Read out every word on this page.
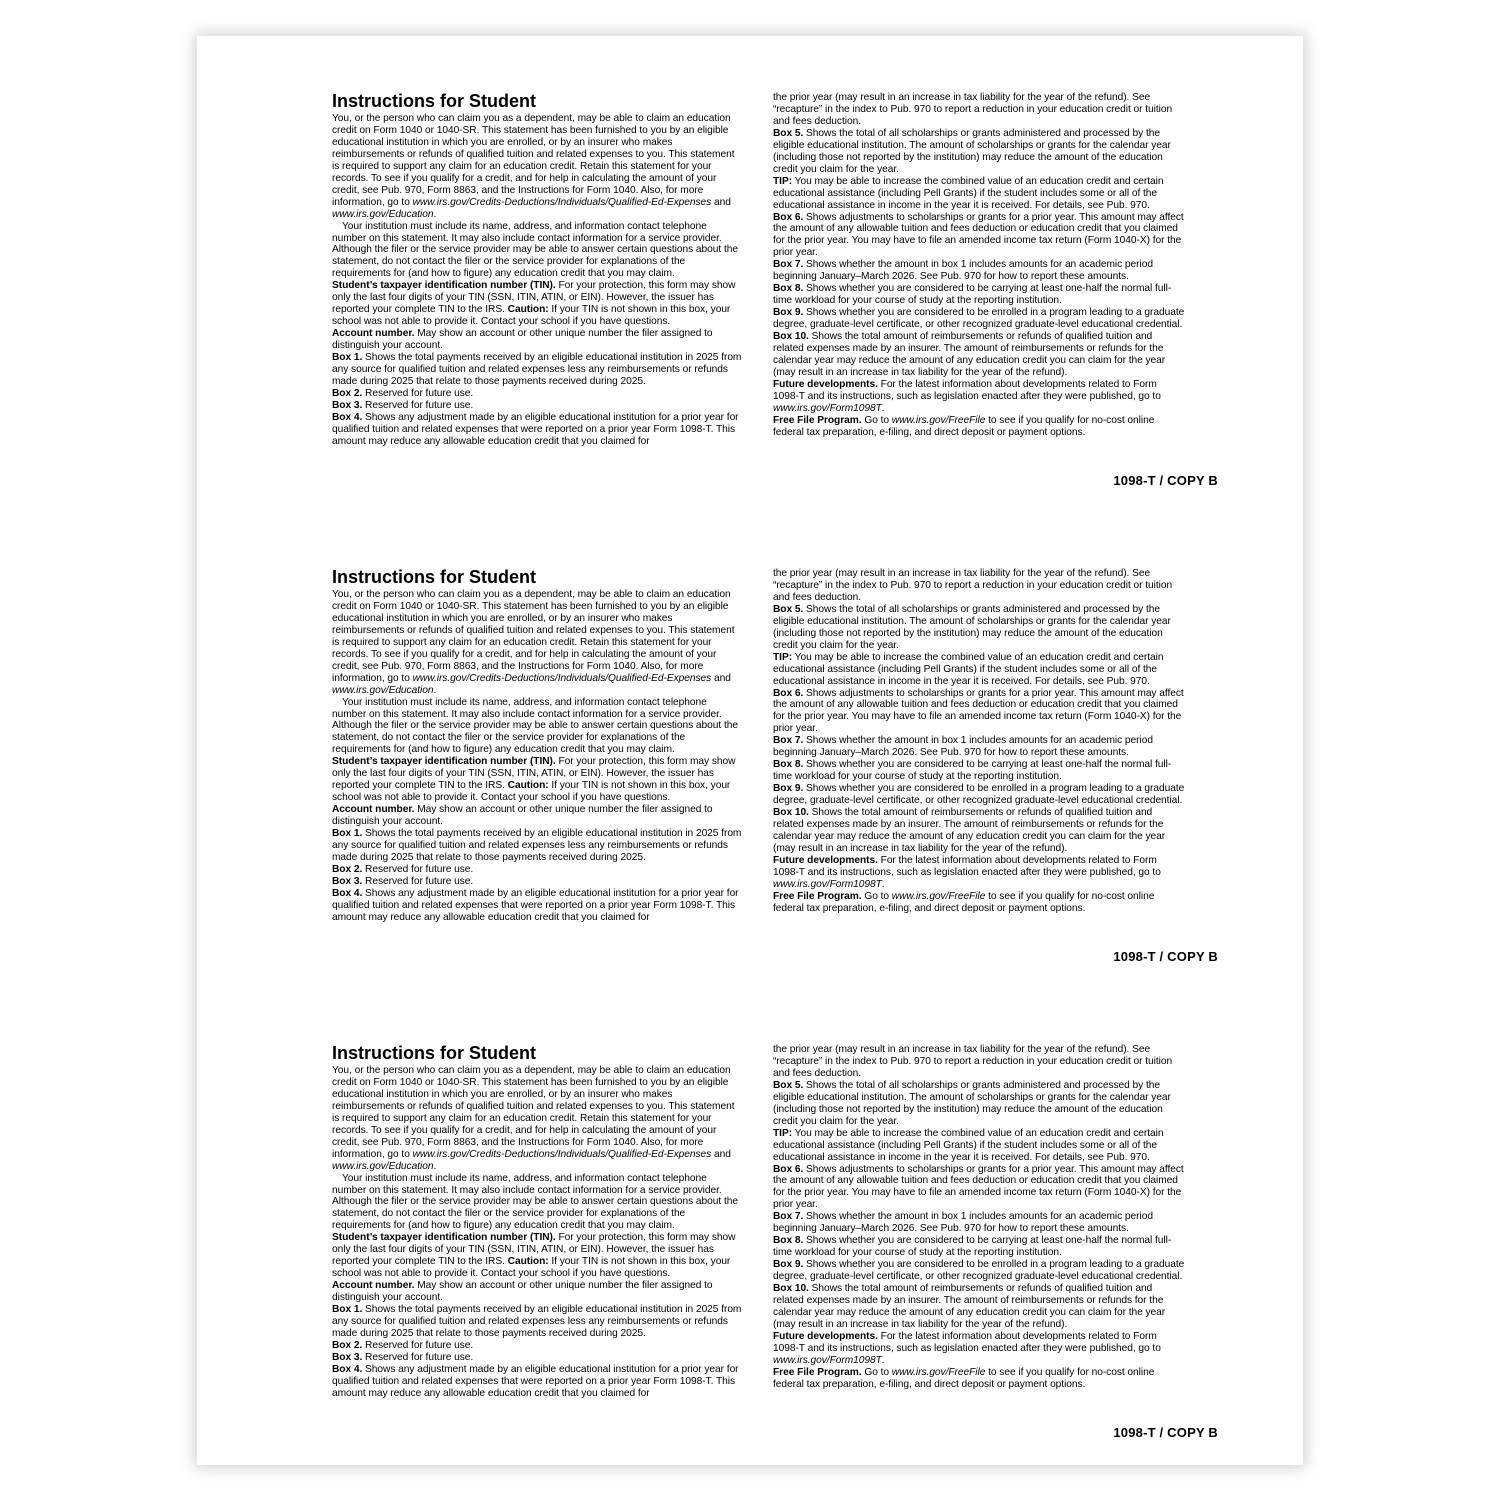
Instructions for Student

You, or the person who can claim you as a dependent, may be able to claim an education credit on Form 1040 or 1040-SR. This statement has been furnished to you by an eligible educational institution in which you are enrolled, or by an insurer who makes reimbursements or refunds of qualified tuition and related expenses to you. This statement is required to support any claim for an education credit. Retain this statement for your records. To see if you qualify for a credit, and for help in calculating the amount of your credit, see Pub. 970, Form 8863, and the Instructions for Form 1040. Also, for more information, go to www.irs.gov/Credits-Deductions/Individuals/Qualified-Ed-Expenses and www.irs.gov/Education.

Your institution must include its name, address, and information contact telephone number on this statement. It may also include contact information for a service provider. Although the filer or the service provider may be able to answer certain questions about the statement, do not contact the filer or the service provider for explanations of the requirements for (and how to figure) any education credit that you may claim.

Student’s taxpayer identification number (TIN). For your protection, this form may show only the last four digits of your TIN (SSN, ITIN, ATIN, or EIN). However, the issuer has reported your complete TIN to the IRS. Caution: If your TIN is not shown in this box, your school was not able to provide it. Contact your school if you have questions.

Account number. May show an account or other unique number the filer assigned to distinguish your account.

Box 1. Shows the total payments received by an eligible educational institution in 2025 from any source for qualified tuition and related expenses less any reimbursements or refunds made during 2025 that relate to those payments received during 2025.

Box 2. Reserved for future use.

Box 3. Reserved for future use.

Box 4. Shows any adjustment made by an eligible educational institution for a prior year for qualified tuition and related expenses that were reported on a prior year Form 1098-T. This amount may reduce any allowable education credit that you claimed for

the prior year (may result in an increase in tax liability for the year of the refund). See “recapture” in the index to Pub. 970 to report a reduction in your education credit or tuition and fees deduction.

Box 5. Shows the total of all scholarships or grants administered and processed by the eligible educational institution. The amount of scholarships or grants for the calendar year (including those not reported by the institution) may reduce the amount of the education credit you claim for the year.

TIP: You may be able to increase the combined value of an education credit and certain educational assistance (including Pell Grants) if the student includes some or all of the educational assistance in income in the year it is received. For details, see Pub. 970.

Box 6. Shows adjustments to scholarships or grants for a prior year. This amount may affect the amount of any allowable tuition and fees deduction or education credit that you claimed for the prior year. You may have to file an amended income tax return (Form 1040-X) for the prior year.

Box 7. Shows whether the amount in box 1 includes amounts for an academic period beginning January–March 2026. See Pub. 970 for how to report these amounts.

Box 8. Shows whether you are considered to be carrying at least one-half the normal full-time workload for your course of study at the reporting institution.

Box 9. Shows whether you are considered to be enrolled in a program leading to a graduate degree, graduate-level certificate, or other recognized graduate-level educational credential.

Box 10. Shows the total amount of reimbursements or refunds of qualified tuition and related expenses made by an insurer. The amount of reimbursements or refunds for the calendar year may reduce the amount of any education credit you can claim for the year (may result in an increase in tax liability for the year of the refund).

Future developments. For the latest information about developments related to Form 1098-T and its instructions, such as legislation enacted after they were published, go to www.irs.gov/Form1098T.

Free File Program. Go to www.irs.gov/FreeFile to see if you qualify for no-cost online federal tax preparation, e-filing, and direct deposit or payment options.

1098-T / COPY B
Instructions for Student

You, or the person who can claim you as a dependent, may be able to claim an education credit on Form 1040 or 1040-SR. This statement has been furnished to you by an eligible educational institution in which you are enrolled, or by an insurer who makes reimbursements or refunds of qualified tuition and related expenses to you. This statement is required to support any claim for an education credit. Retain this statement for your records. To see if you qualify for a credit, and for help in calculating the amount of your credit, see Pub. 970, Form 8863, and the Instructions for Form 1040. Also, for more information, go to www.irs.gov/Credits-Deductions/Individuals/Qualified-Ed-Expenses and www.irs.gov/Education.

Your institution must include its name, address, and information contact telephone number on this statement. It may also include contact information for a service provider. Although the filer or the service provider may be able to answer certain questions about the statement, do not contact the filer or the service provider for explanations of the requirements for (and how to figure) any education credit that you may claim.

Student’s taxpayer identification number (TIN). For your protection, this form may show only the last four digits of your TIN (SSN, ITIN, ATIN, or EIN). However, the issuer has reported your complete TIN to the IRS. Caution: If your TIN is not shown in this box, your school was not able to provide it. Contact your school if you have questions.

Account number. May show an account or other unique number the filer assigned to distinguish your account.

Box 1. Shows the total payments received by an eligible educational institution in 2025 from any source for qualified tuition and related expenses less any reimbursements or refunds made during 2025 that relate to those payments received during 2025.

Box 2. Reserved for future use.

Box 3. Reserved for future use.

Box 4. Shows any adjustment made by an eligible educational institution for a prior year for qualified tuition and related expenses that were reported on a prior year Form 1098-T. This amount may reduce any allowable education credit that you claimed for

the prior year (may result in an increase in tax liability for the year of the refund). See “recapture” in the index to Pub. 970 to report a reduction in your education credit or tuition and fees deduction.

Box 5. Shows the total of all scholarships or grants administered and processed by the eligible educational institution. The amount of scholarships or grants for the calendar year (including those not reported by the institution) may reduce the amount of the education credit you claim for the year.

TIP: You may be able to increase the combined value of an education credit and certain educational assistance (including Pell Grants) if the student includes some or all of the educational assistance in income in the year it is received. For details, see Pub. 970.

Box 6. Shows adjustments to scholarships or grants for a prior year. This amount may affect the amount of any allowable tuition and fees deduction or education credit that you claimed for the prior year. You may have to file an amended income tax return (Form 1040-X) for the prior year.

Box 7. Shows whether the amount in box 1 includes amounts for an academic period beginning January–March 2026. See Pub. 970 for how to report these amounts.

Box 8. Shows whether you are considered to be carrying at least one-half the normal full-time workload for your course of study at the reporting institution.

Box 9. Shows whether you are considered to be enrolled in a program leading to a graduate degree, graduate-level certificate, or other recognized graduate-level educational credential.

Box 10. Shows the total amount of reimbursements or refunds of qualified tuition and related expenses made by an insurer. The amount of reimbursements or refunds for the calendar year may reduce the amount of any education credit you can claim for the year (may result in an increase in tax liability for the year of the refund).

Future developments. For the latest information about developments related to Form 1098-T and its instructions, such as legislation enacted after they were published, go to www.irs.gov/Form1098T.

Free File Program. Go to www.irs.gov/FreeFile to see if you qualify for no-cost online federal tax preparation, e-filing, and direct deposit or payment options.

1098-T / COPY B
Instructions for Student

You, or the person who can claim you as a dependent, may be able to claim an education credit on Form 1040 or 1040-SR. This statement has been furnished to you by an eligible educational institution in which you are enrolled, or by an insurer who makes reimbursements or refunds of qualified tuition and related expenses to you. This statement is required to support any claim for an education credit. Retain this statement for your records. To see if you qualify for a credit, and for help in calculating the amount of your credit, see Pub. 970, Form 8863, and the Instructions for Form 1040. Also, for more information, go to www.irs.gov/Credits-Deductions/Individuals/Qualified-Ed-Expenses and www.irs.gov/Education.

Your institution must include its name, address, and information contact telephone number on this statement. It may also include contact information for a service provider. Although the filer or the service provider may be able to answer certain questions about the statement, do not contact the filer or the service provider for explanations of the requirements for (and how to figure) any education credit that you may claim.

Student’s taxpayer identification number (TIN). For your protection, this form may show only the last four digits of your TIN (SSN, ITIN, ATIN, or EIN). However, the issuer has reported your complete TIN to the IRS. Caution: If your TIN is not shown in this box, your school was not able to provide it. Contact your school if you have questions.

Account number. May show an account or other unique number the filer assigned to distinguish your account.

Box 1. Shows the total payments received by an eligible educational institution in 2025 from any source for qualified tuition and related expenses less any reimbursements or refunds made during 2025 that relate to those payments received during 2025.

Box 2. Reserved for future use.

Box 3. Reserved for future use.

Box 4. Shows any adjustment made by an eligible educational institution for a prior year for qualified tuition and related expenses that were reported on a prior year Form 1098-T. This amount may reduce any allowable education credit that you claimed for

the prior year (may result in an increase in tax liability for the year of the refund). See “recapture” in the index to Pub. 970 to report a reduction in your education credit or tuition and fees deduction.

Box 5. Shows the total of all scholarships or grants administered and processed by the eligible educational institution. The amount of scholarships or grants for the calendar year (including those not reported by the institution) may reduce the amount of the education credit you claim for the year.

TIP: You may be able to increase the combined value of an education credit and certain educational assistance (including Pell Grants) if the student includes some or all of the educational assistance in income in the year it is received. For details, see Pub. 970.

Box 6. Shows adjustments to scholarships or grants for a prior year. This amount may affect the amount of any allowable tuition and fees deduction or education credit that you claimed for the prior year. You may have to file an amended income tax return (Form 1040-X) for the prior year.

Box 7. Shows whether the amount in box 1 includes amounts for an academic period beginning January–March 2026. See Pub. 970 for how to report these amounts.

Box 8. Shows whether you are considered to be carrying at least one-half the normal full-time workload for your course of study at the reporting institution.

Box 9. Shows whether you are considered to be enrolled in a program leading to a graduate degree, graduate-level certificate, or other recognized graduate-level educational credential.

Box 10. Shows the total amount of reimbursements or refunds of qualified tuition and related expenses made by an insurer. The amount of reimbursements or refunds for the calendar year may reduce the amount of any education credit you can claim for the year (may result in an increase in tax liability for the year of the refund).

Future developments. For the latest information about developments related to Form 1098-T and its instructions, such as legislation enacted after they were published, go to www.irs.gov/Form1098T.

Free File Program. Go to www.irs.gov/FreeFile to see if you qualify for no-cost online federal tax preparation, e-filing, and direct deposit or payment options.

1098-T / COPY B
